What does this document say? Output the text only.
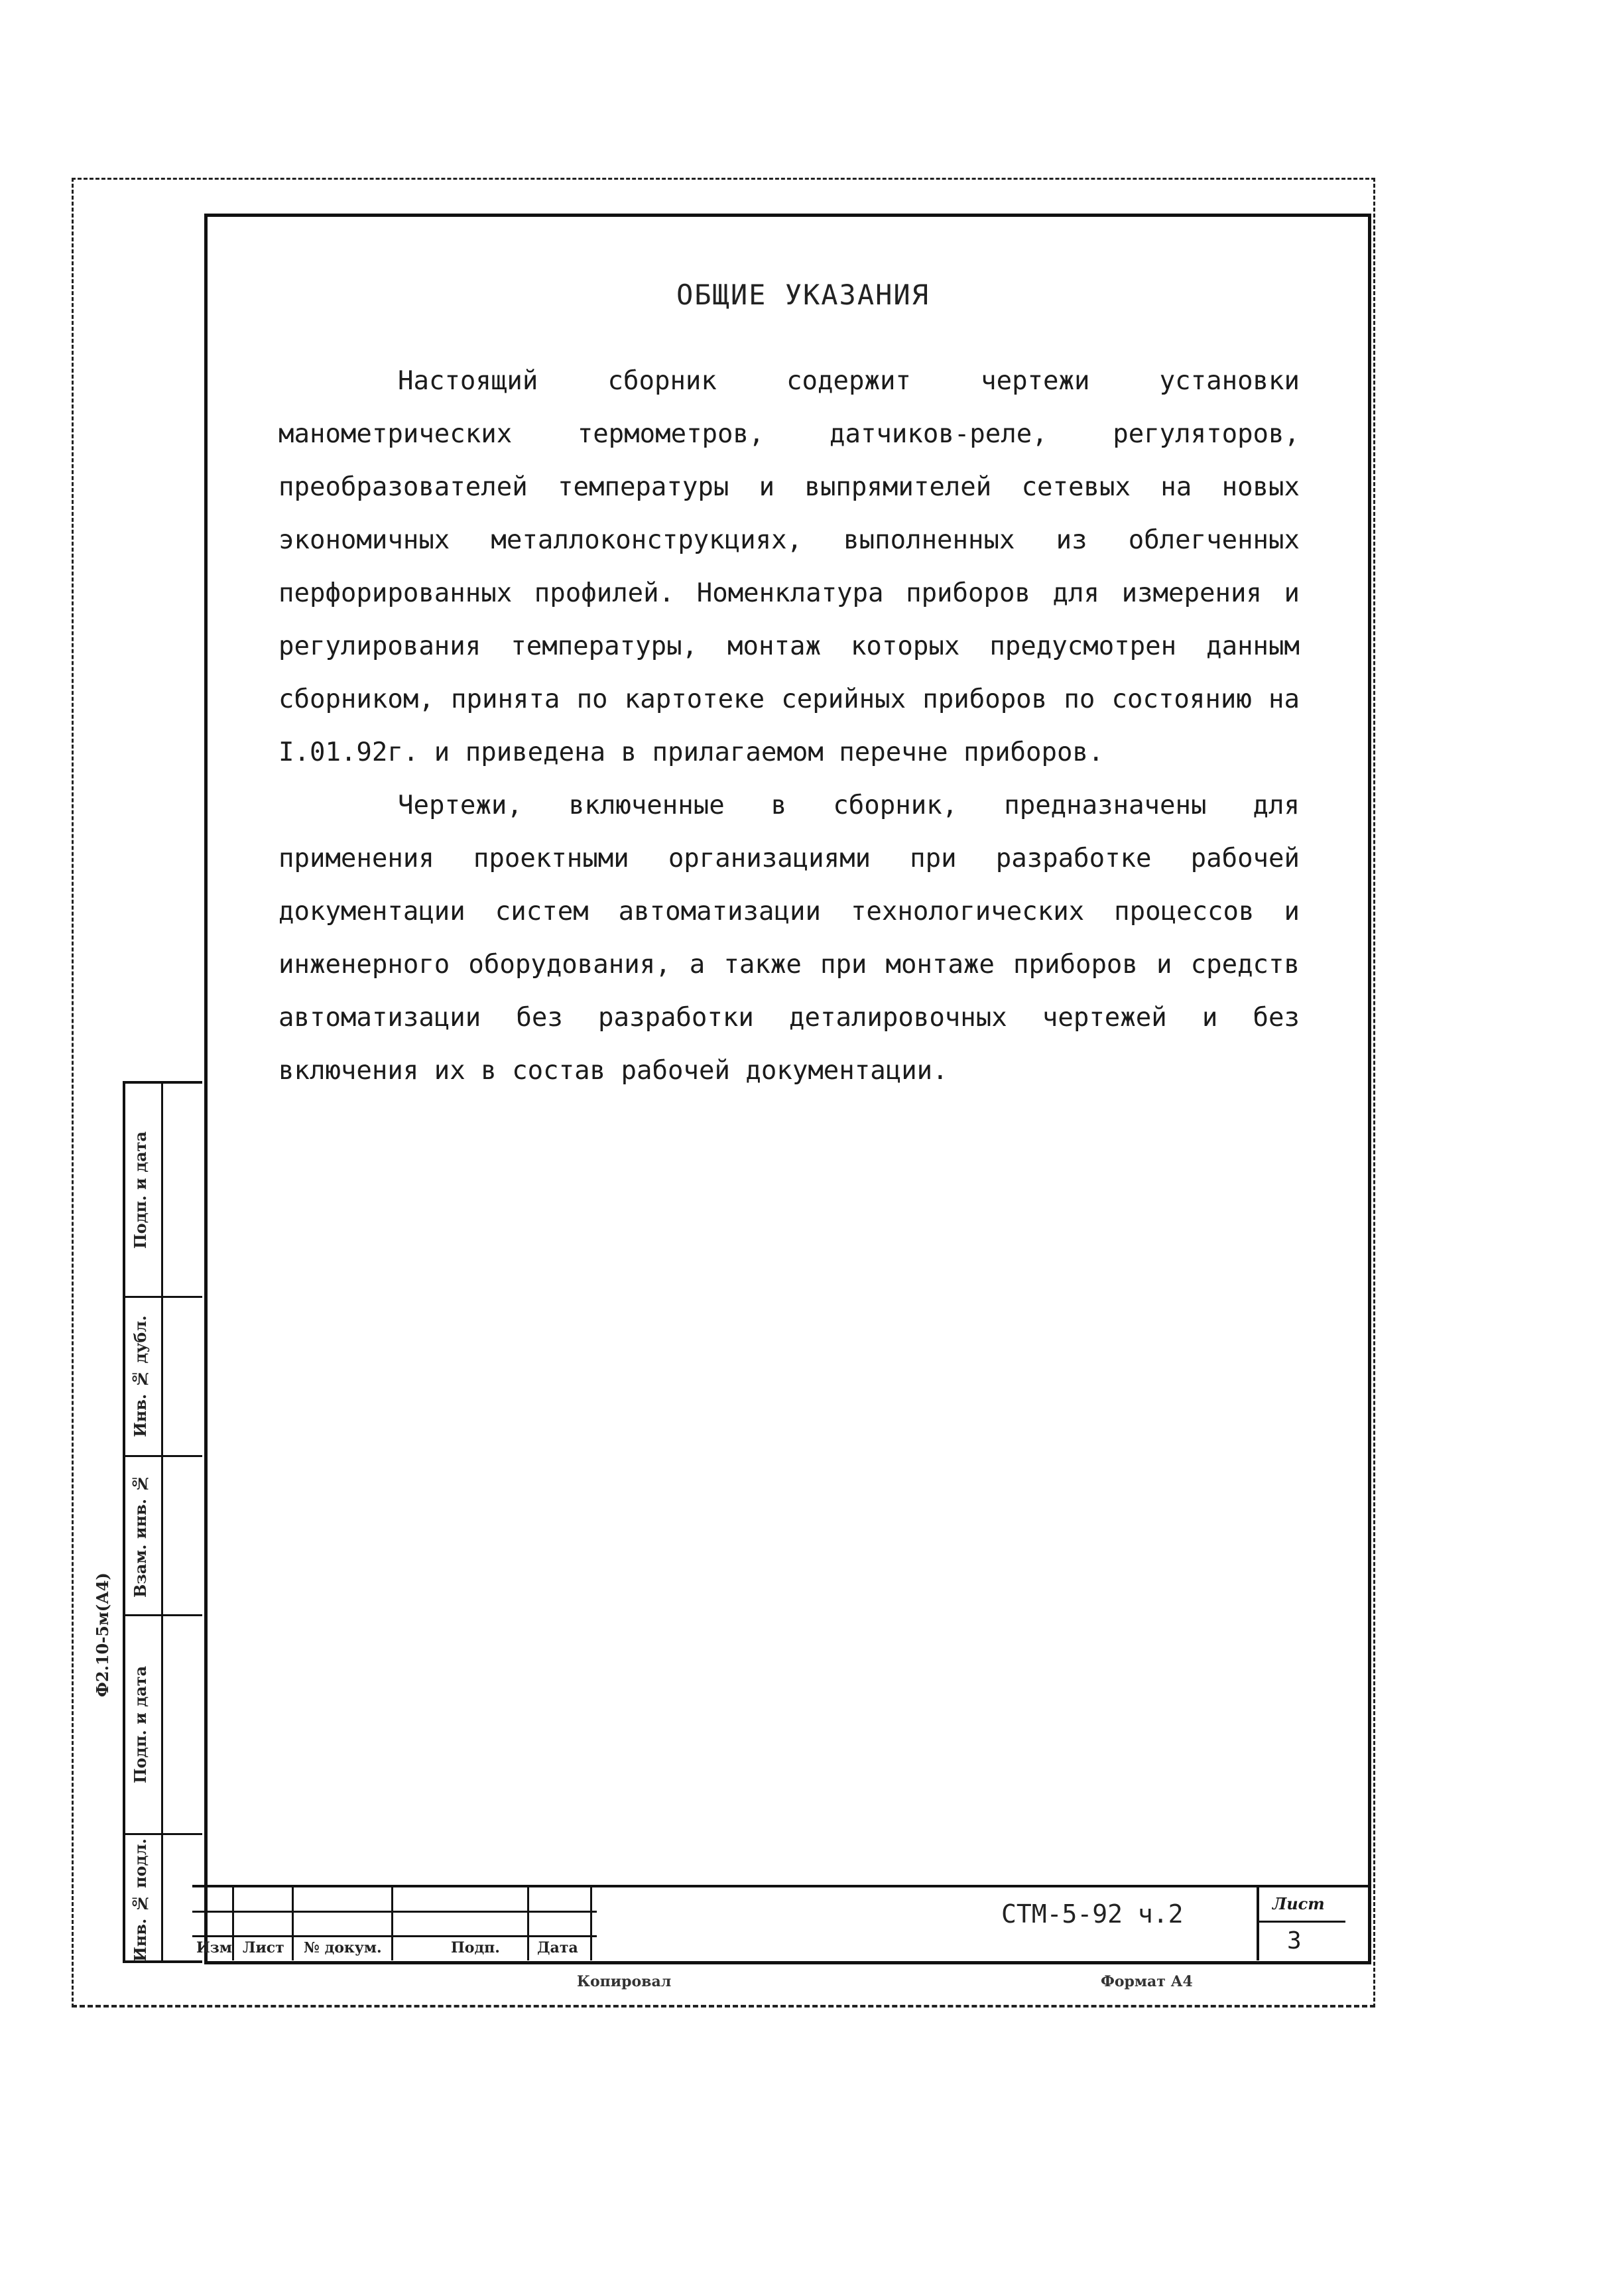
ОБЩИЕ УКАЗАНИЯ

Настоящий сборник содержит чертежи установки манометрических термометров, датчиков-реле, регуляторов, преобразователей температуры и выпрямителей сетевых на новых экономичных металлоконструкциях, выполненных из облегченных перфорированных профилей. Номенклатура приборов для измерения и регулирования температуры, монтаж которых предусмотрен данным сборником, принята по картотеке серийных приборов по состоянию на I.01.92г. и приведена в прилагаемом перечне приборов.

Чертежи, включенные в сборник, предназначены для применения проектными организациями при разработке рабочей документации систем автоматизации технологических процессов и инженерного оборудования, а также при монтаже приборов и средств автоматизации без разработки деталировочных чертежей и без включения их в состав рабочей документации.

Подп. и дата
Инв. № дубл.
Взам. инв. №
Подп. и дата
Инв. № подл.
Ф2.10-5м(А4)
Изм Лист № докум.	Подп.	Дата
СТМ-5-92 ч.2	Лист
3
Копировал	Формат А4
